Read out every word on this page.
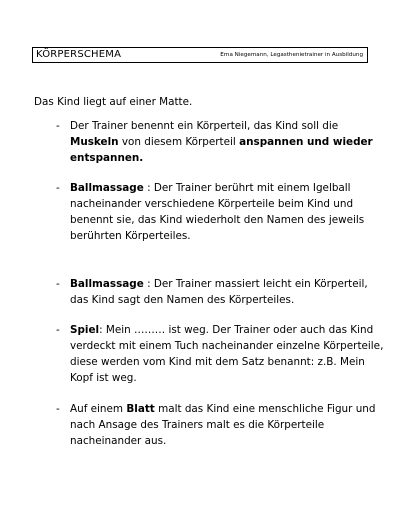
KÖRPERSCHEMA	Erna Niegemann, Legasthenietrainer in Ausbildung
Das Kind liegt auf einer Matte.
- Der Trainer benennt ein Körperteil, das Kind soll die
Muskeln von diesem Körperteil anspannen und wieder
entspannen.
- Ballmassage : Der Trainer berührt mit einem Igelball
nacheinander verschiedene Körperteile beim Kind und
benennt sie, das Kind wiederholt den Namen des jeweils
berührten Körperteiles.
- Ballmassage : Der Trainer massiert leicht ein Körperteil,
das Kind sagt den Namen des Körperteiles.
- Spiel: Mein ……… ist weg. Der Trainer oder auch das Kind
verdeckt mit einem Tuch nacheinander einzelne Körperteile,
diese werden vom Kind mit dem Satz benannt: z.B. Mein
Kopf ist weg.
- Auf einem Blatt malt das Kind eine menschliche Figur und
nach Ansage des Trainers malt es die Körperteile
nacheinander aus.
